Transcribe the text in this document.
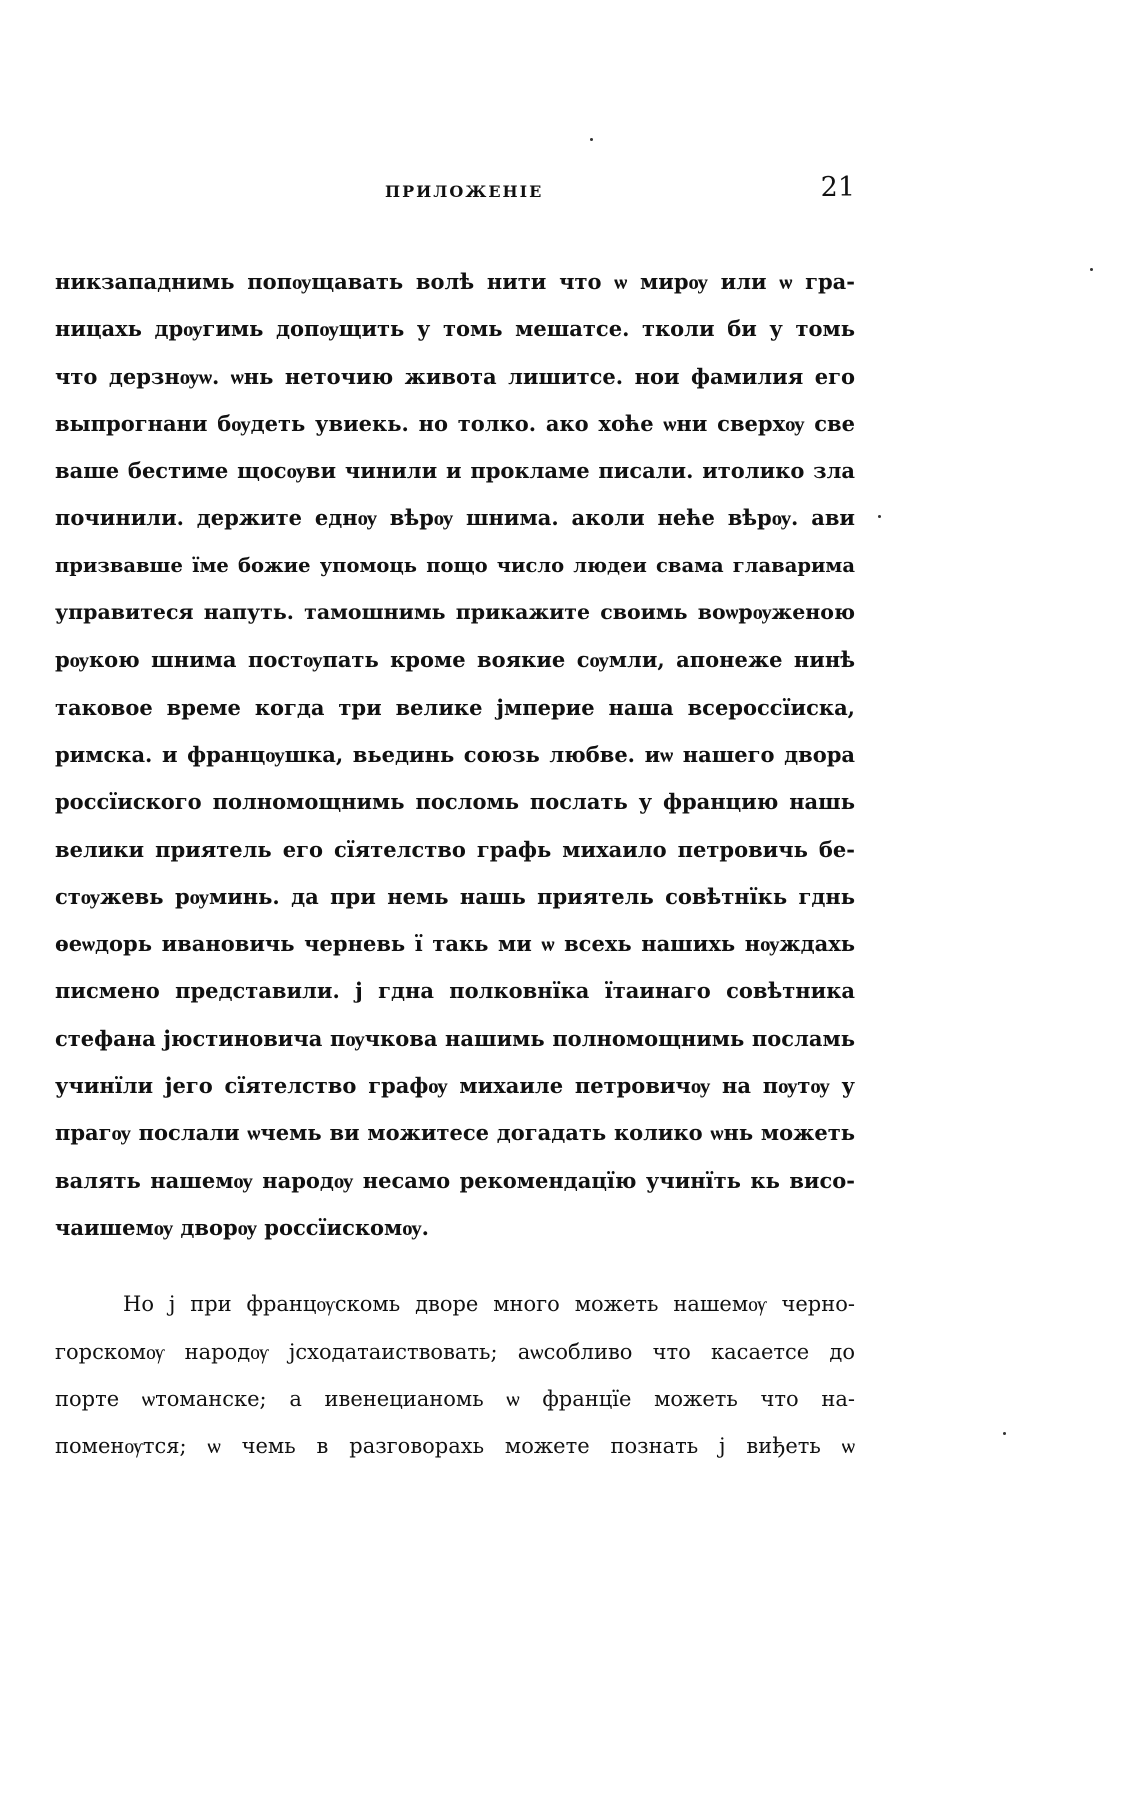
ПРИЛОЖЕНIЕ	21
никзападнимь попѹщавать волѣ нити что ѡ мирѹ или ѡ гра-
ницахь дрѹгимь допѹщить у томь мешатсе. тколи би у томь
что дерзнѹѡ. ѡнь неточию живота лишитсе. нои фамилия его
выпрогнани бѹдеть увиекь. но толко. ако хоће ѡни сверхѹ све
ваше бестиме щосѹви чинили и прокламе писали. итолико зла
починили. держите еднѹ вѣрѹ шнима. аколи неће вѣрѹ. ави
призвавше їме божие упомоць пощо число людеи свама главарима
управитеся напуть. тамошнимь прикажите своимь воѡрѹженою
рѹкою шнима постѹпать кроме воякие сѹмли, апонеже нинѣ
таковое време когда три велике јмперие наша всероссїиска,
римска. и францѹшка, вьединь союзь любве. иѡ нашего двора
россїиского полномощнимь посломь послать у францию нашь
велики приятель его сїятелство графь михаило петровичь бе-
стѹжевь рѹминь. да при немь нашь приятель совѣтнїкь гднь
ѳеѡдорь ивановичь черневь ї такь ми ѡ всехь нашихь нѹждахь
писмено представили. ј гдна полковнїка їтаинаго совѣтника
стефана јюстиновича пѹчкова нашимь полномощнимь посламь
учинїли јего сїятелство графѹ михаиле петровичѹ на пѹтѹ у
прагѹ послали ѡчемь ви можитесе догадать колико ѡнь можеть
валять нашемѹ народѹ несамо рекомендацїю учинїть кь висо-
чаишемѹ дворѹ россїискомѹ.
Но ј при францѹскомь дворе много можеть нашемѹ черно-
горскомѹ народѹ јсходатаиствовать; аѡсобливо что касаетсе до
порте ѡтоманске; а ивенецианомь ѡ францїе можеть что на-
поменѹтся; ѡ чемь в разговорахь можете познать ј виђеть ѡ
